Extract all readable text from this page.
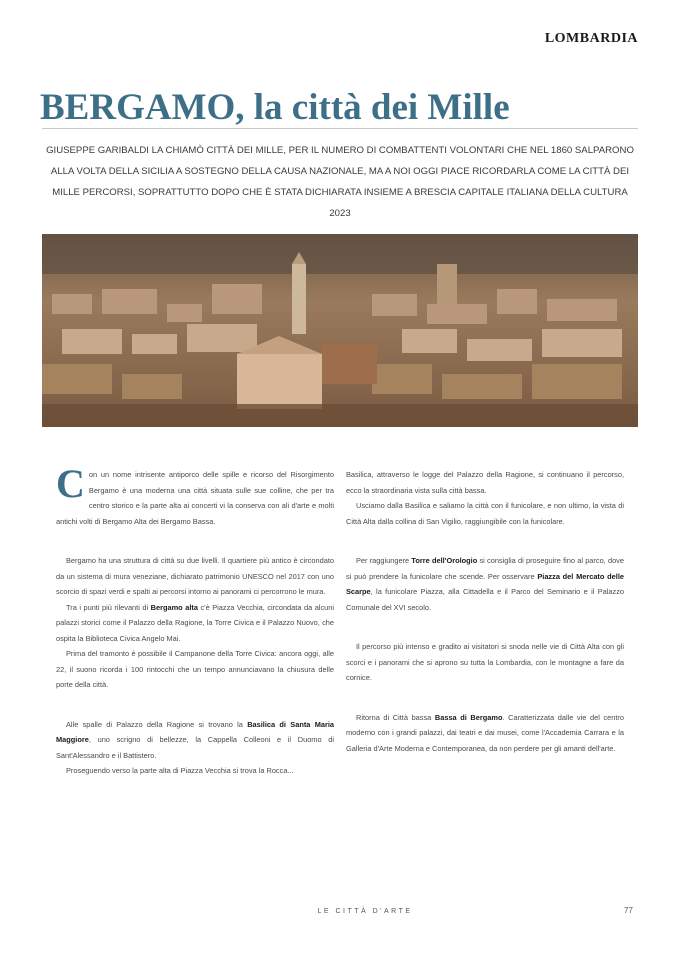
LOMBARDIA
BERGAMO, la città dei Mille

GIUSEPPE GARIBALDI LA CHIAMÒ CITTÀ DEI MILLE, PER IL NUMERO DI COMBATTENTI VOLONTARI CHE NEL 1860 SALPARONO ALLA VOLTA DELLA SICILIA A SOSTEGNO DELLA CAUSA NAZIONALE, MA A NOI OGGI PIACE RICORDARLA COME LA CITTÀ DEI MILLE PERCORSI, SOPRATTUTTO DOPO CHE È STATA DICHIARATA INSIEME A BRESCIA CAPITALE ITALIANA DELLA CULTURA 2023

Con un nome intrisente antiporco delle spille e ricorso del Risorgimento Bergamo è una moderna una città situata sulle sue colline, che per tra centro storico e la parte alta ai concerti vi la conserva con ali d'arte e molti antichi volti di Bergamo Alta dei Bergamo Bassa.

Bergamo ha una struttura di città su due livelli. Il quartiere più antico è circondato da un sistema di mura veneziane, dichiarato patrimonio UNESCO nel 2017 con uno scorcio di spazi verdi e spalti ai percorsi intorno ai panorami ci percorrono le mura.

Tra i punti più rilevanti di Bergamo alta c'è Piazza Vecchia, circondata da alcuni palazzi storici come il Palazzo della Ragione, la Torre Civica e il Palazzo Nuovo, che ospita la Biblioteca Civica Angelo Mai.

Prima del tramonto è possibile il Campanone della Torre Civica: ancora oggi, alle 22, il suono ricorda i 100 rintocchi che un tempo annunciavano la chiusura delle porte della città.

Alle spalle di Palazzo della Ragione si trovano la Basilica di Santa Maria Maggiore, uno scrigno di bellezze, la Cappella Colleoni e il Duomo di Sant'Alessandro e il Battistero.

Proseguendo verso la parte alta di Piazza Vecchia si trova la Rocca...

Basilica, attraverso le logge del Palazzo della Ragione, si continuano il percorso, ecco la straordinaria vista sulla città bassa.

Usciamo dalla Basilica e saliamo la città con il funicolare, e non ultimo, la vista di Città Alta dalla collina di San Vigilio, raggiungibile con la funicolare.

Per raggiungere Torre dell'Orologio si consiglia di proseguire fino al parco, dove si può prendere la funicolare che scende. Per osservare Piazza del Mercato delle Scarpe, la funicolare Piazza, alla Cittadella e il Parco del Seminario e il Palazzo Comunale del XVI secolo.

Il percorso più intenso e gradito ai visitatori si snoda nelle vie di Città Alta con gli scorci e i panorami che si aprono su tutta la Lombardia, con le montagne a fare da cornice.

Ritorna di Città bassa Bassa di Bergamo. Caratterizzata dalle vie del centro moderno con i grandi palazzi, dai teatri e dai musei, come l'Accademia Carrara e la Galleria d'Arte Moderna e Contemporanea, da non perdere per gli amanti dell'arte.

LE CITTÀ D'ARTE	77
